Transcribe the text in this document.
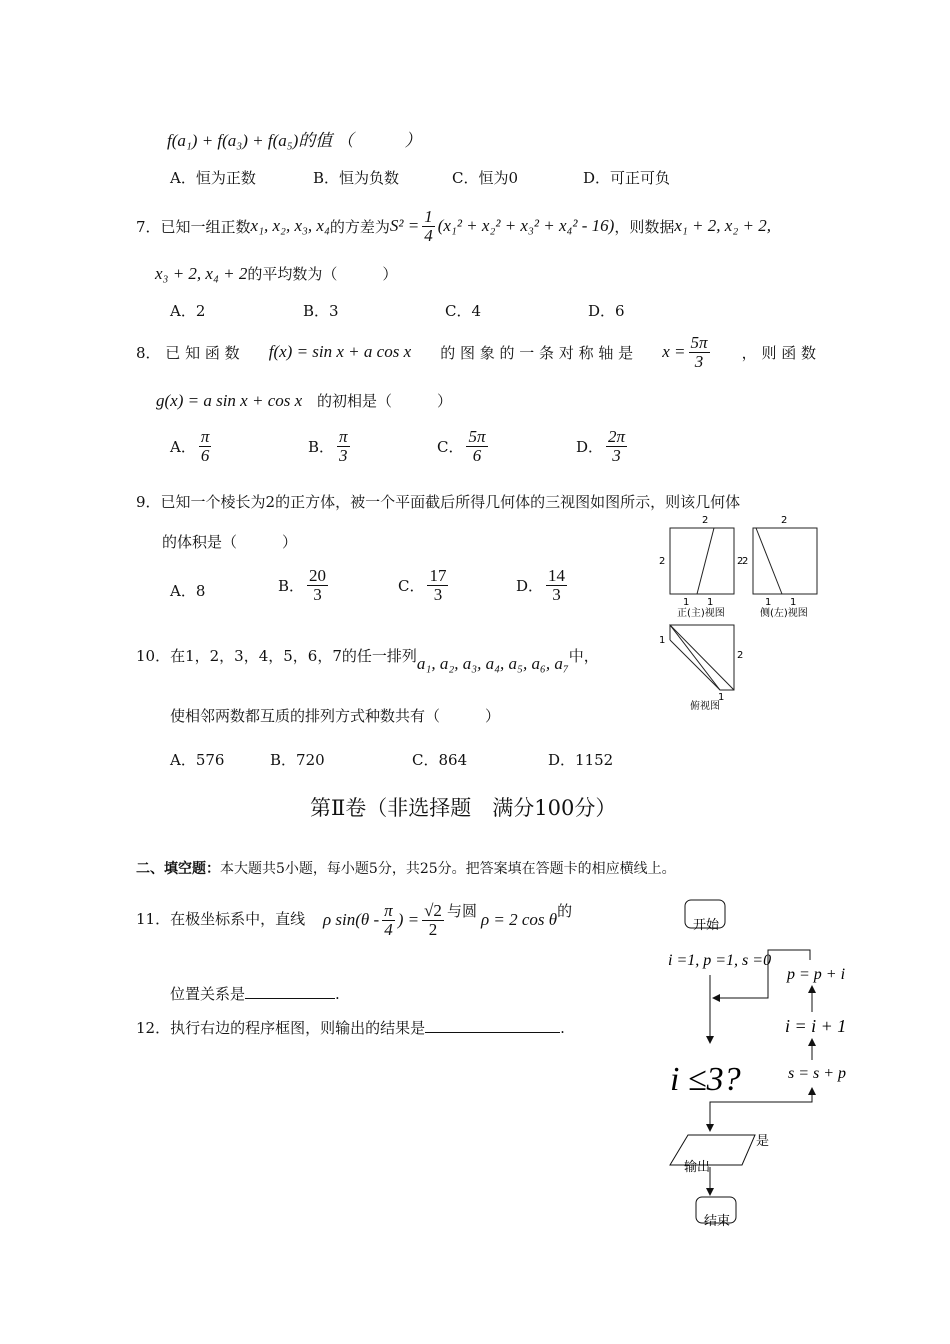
f(a₁) + f(a₃) + f(a₅)的值 （　　　）
A．恒为正数	B．恒为负数	C．恒为0	D．可正可负
7．已知一组正数 x₁, x₂, x₃, x₄ 的方差为 $S^2 = \frac{1}{4} (x_1^2 + x_2^2 + x_3^2 + x_4^2 - 16)$ ，则数据 x₁ + 2, x₂ + 2,
x₃ + 2, x₄ + 2的平均数为（　　　）
A．2	B．3	C．4	D．6
8． 已 知 函 数 f(x) = sin x + a cos x 的 图 象 的 一 条 对 称 轴 是 $x = \frac{5\pi}{3}$ ， 则 函 数
g(x) = a sin x + cos x 的初相是（　　　）
A． $\frac{\pi}{6}$	B． $\frac{\pi}{3}$	C． $\frac{5\pi}{6}$	D． $\frac{2\pi}{3}$
9．已知一个棱长为2的正方体，被一个平面截后所得几何体的三视图如图所示，则该几何体
的体积是（　　　）
A．8	B． $\frac{20}{3}$	C． $\frac{17}{3}$	D． $\frac{14}{3}$
2
2	2
1 1
正(主)视图
2
2
1 1
侧(左)视图
1
2
1
俯视图
10．在1，2，3，4，5，6，7的任一排列 a₁, a₂, a₃, a₄, a₅, a₆, a₇ 中，
使相邻两数都互质的排列方式种数共有（　　　）
A．576	B．720	C．864	D．1152
第Ⅱ卷（非选择题　满分100分）
二、填空题：本大题共5小题，每小题5分，共25分。把答案填在答题卡的相应横线上。
11．在极坐标系中，直线 ρ $\sin(\theta - \frac{\pi}{4}$ ) = $\frac{√2}{2}$ 与圆 ρ = 2 cos θ 的
位置关系是	.
12．执行右边的程序框图，则输出的结果是	.
开始
i =1, p =1, s =0
p = p + i
i = i + 1
s = s + p
i ≤3?
是
输出
结束
